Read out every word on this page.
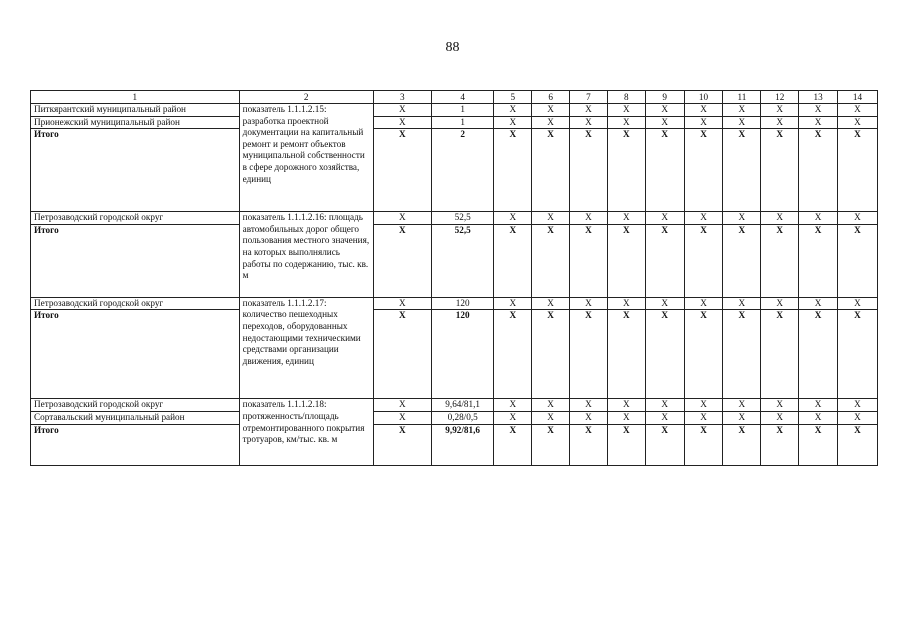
88
1	2	3	4	5	6	7	8	9	10	11	12	13	14
Питкярантский муниципальный район	показатель 1.1.1.2.15: разработка проектной документации на капитальный ремонт и ремонт объектов муниципальной собственности в сфере дорожного хозяйства, единиц	X	1	X	X	X	X	X	X	X	X	X	X
Прионежский муниципальный район		X	1	X	X	X	X	X	X	X	X	X	X
Итого		X	2	X	X	X	X	X	X	X	X	X	X
Петрозаводский городской округ	показатель 1.1.1.2.16: площадь автомобильных дорог общего пользования местного значения, на которых выполнялись работы по содержанию, тыс. кв. м	X	52,5	X	X	X	X	X	X	X	X	X	X
Итого		X	52,5	X	X	X	X	X	X	X	X	X	X
Петрозаводский городской округ	показатель 1.1.1.2.17: количество пешеходных переходов, оборудованных недостающими техническими средствами организации движения, единиц	X	120	X	X	X	X	X	X	X	X	X	X
Итого		X	120	X	X	X	X	X	X	X	X	X	X
Петрозаводский городской округ	показатель 1.1.1.2.18: протяженность/площадь отремонтированного покрытия тротуаров, км/тыс. кв. м	X	9,64/81,1	X	X	X	X	X	X	X	X	X	X
Сортавальский муниципальный район		X	0,28/0,5	X	X	X	X	X	X	X	X	X	X
Итого		X	9,92/81,6	X	X	X	X	X	X	X	X	X	X
